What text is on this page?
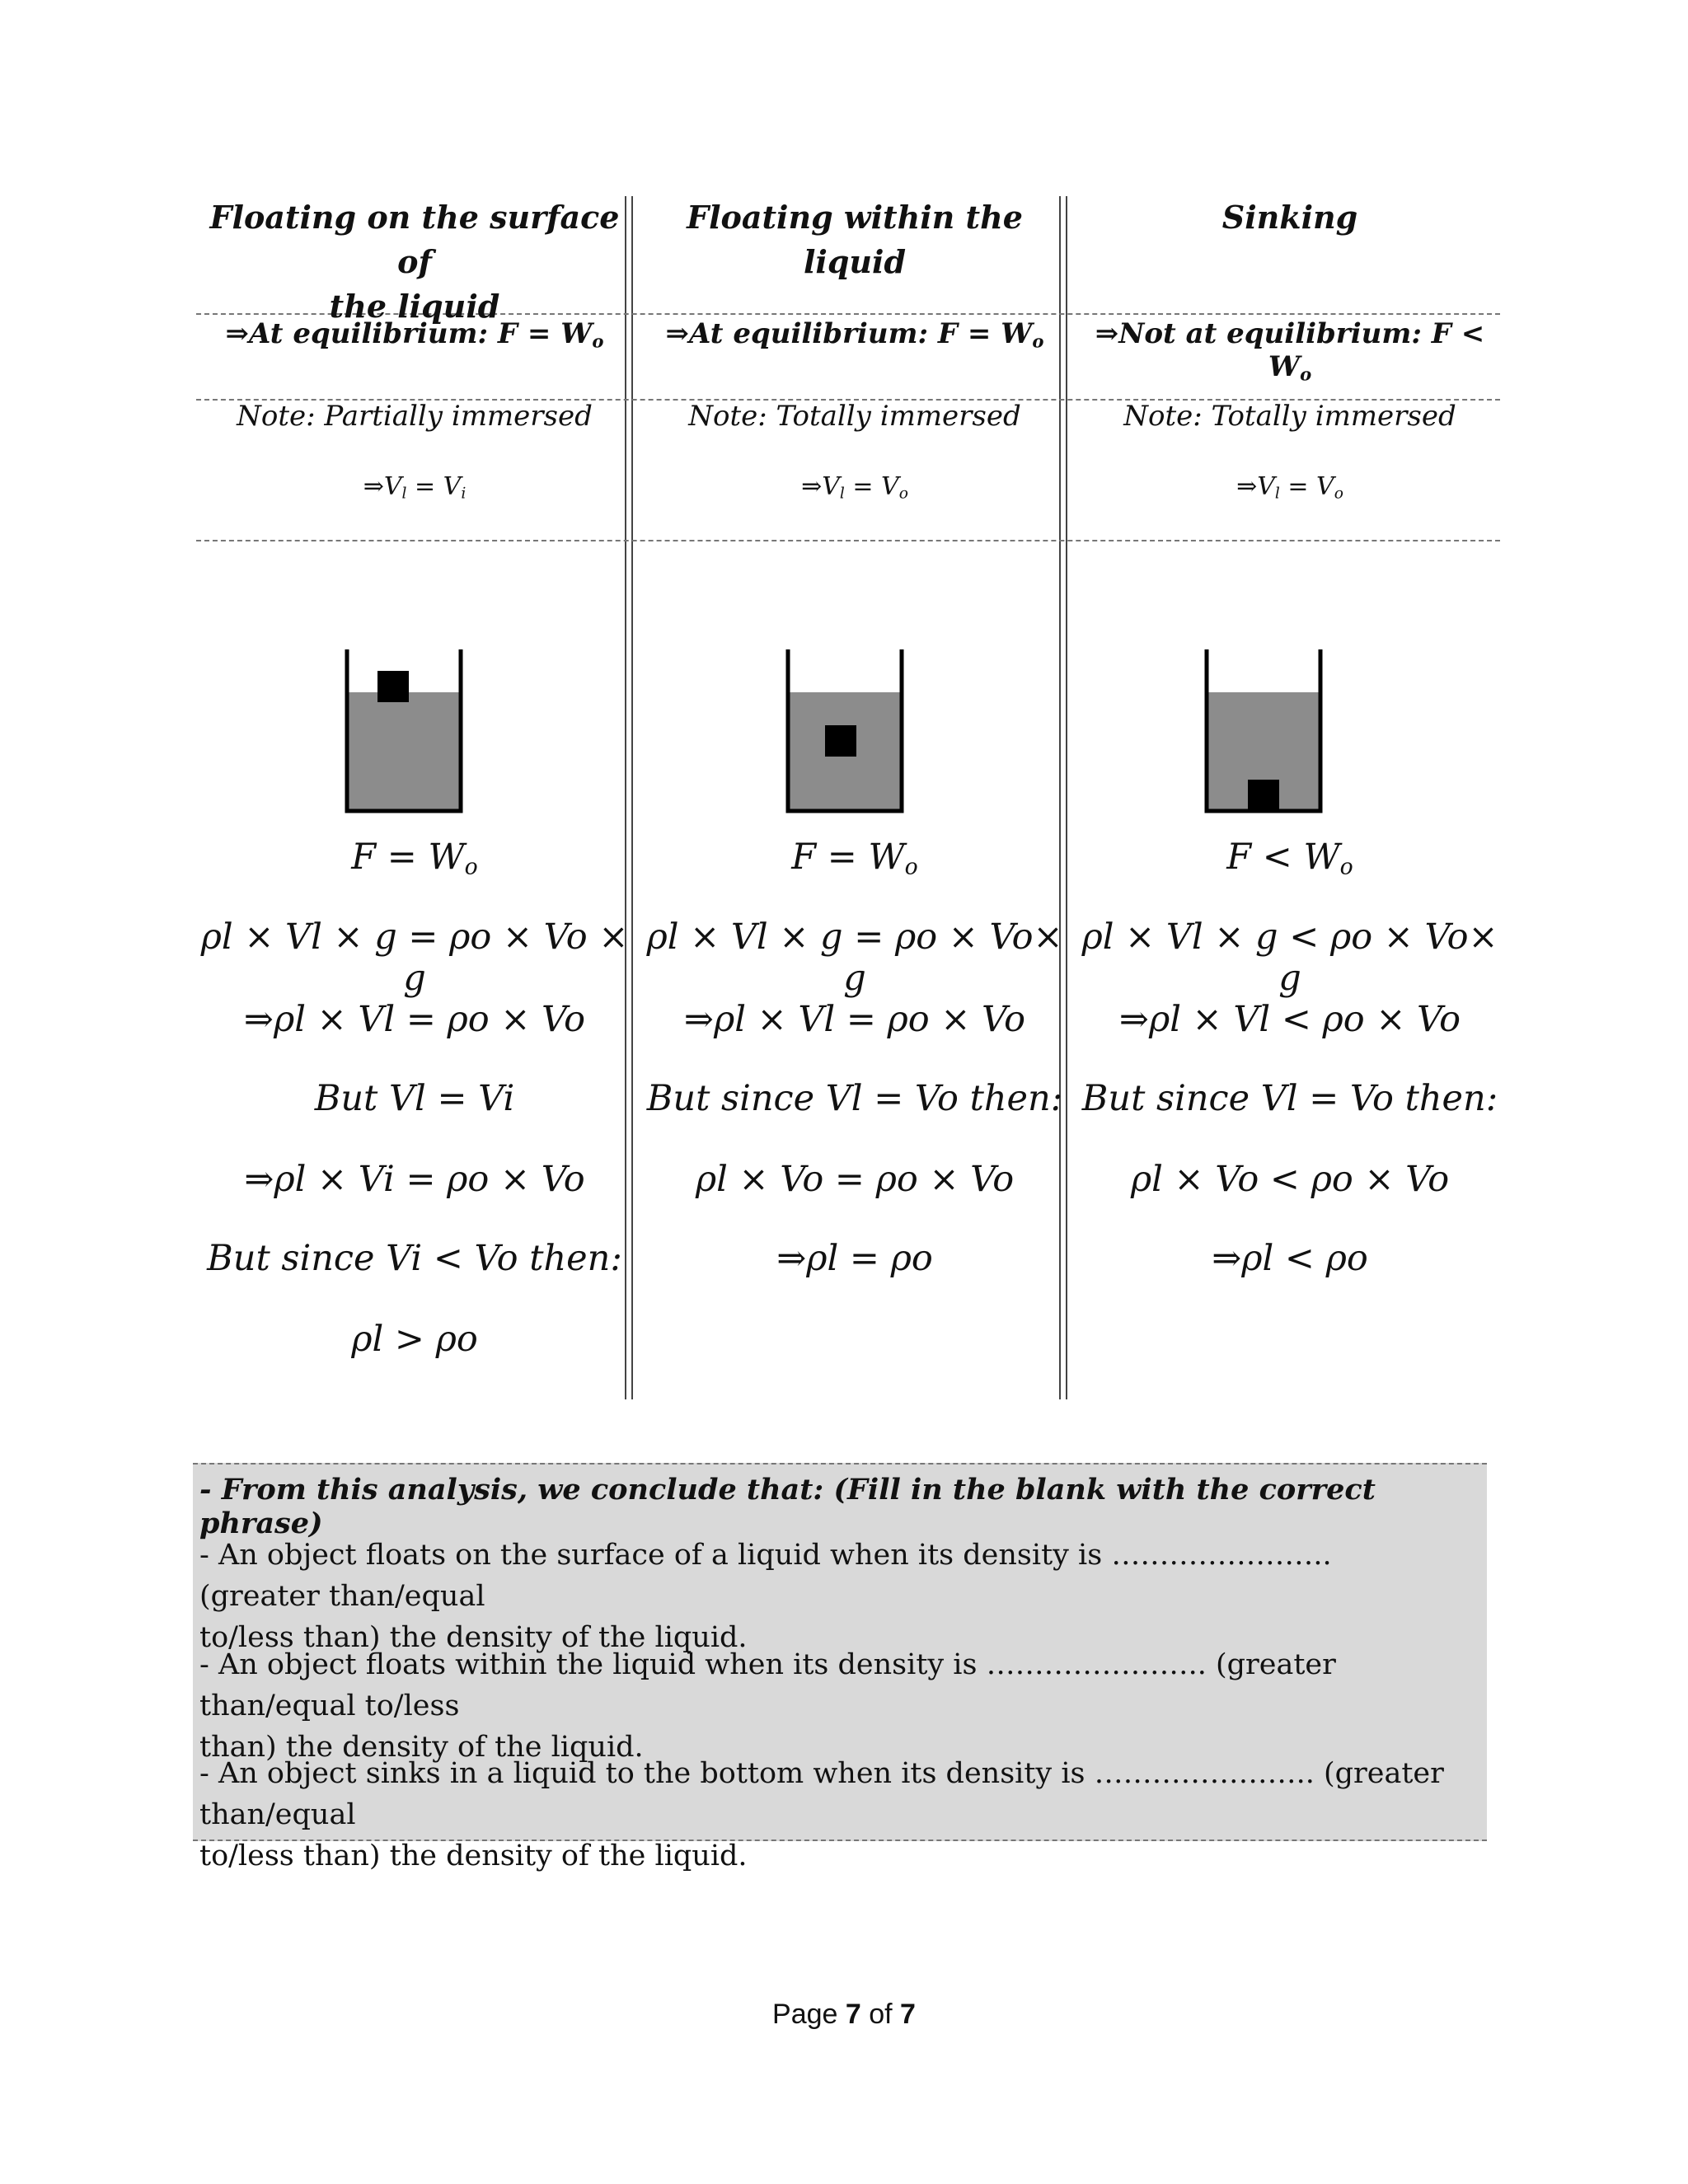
Floating on the surface of
the liquid
⇒At equilibrium: $F = W_o$
Note: Partially immersed
$\Rightarrow V_l = V_i$
Floating within the liquid
⇒At equilibrium: $F = W_o$
Note: Totally immersed
$\Rightarrow V_l = V_o$
Sinking
⇒Not at equilibrium: $F < W_o$
Note: Totally immersed
$\Rightarrow V_l = V_o$
$F = W_o$
ρl × Vl × g = ρo × Vo × g
⇒ρl × Vl = ρo × Vo
But Vl = Vi
⇒ρl × Vi = ρo × Vo
But since Vi < Vo then:
ρl > ρo
$F = W_o$
ρl × Vl × g = ρo × Vo× g
⇒ρl × Vl = ρo × Vo
But since Vl = Vo then:
ρl × Vo = ρo × Vo
⇒ρl = ρo
$F < W_o$
ρl × Vl × g < ρo × Vo× g
⇒ρl × Vl < ρo × Vo
But since Vl = Vo then:
ρl × Vo < ρo × Vo
⇒ρl < ρo
- From this analysis, we conclude that: (Fill in the blank with the correct phrase)
- An object floats on the surface of a liquid when its density is ………………….. (greater than/equal
to/less than) the density of the liquid.
- An object floats within the liquid when its density is ………………….. (greater than/equal to/less
than) the density of the liquid.
- An object sinks in a liquid to the bottom when its density is ………………….. (greater than/equal
to/less than) the density of the liquid.
Page 7 of 7
